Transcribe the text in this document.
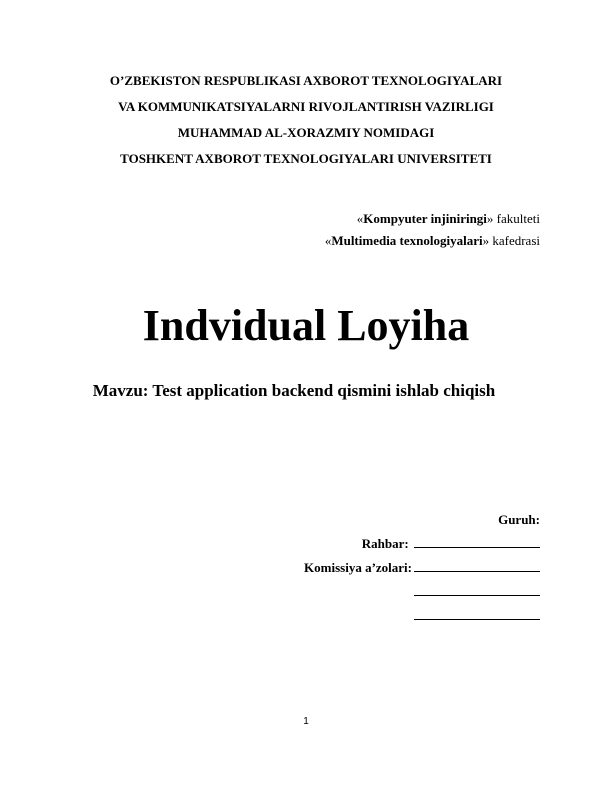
O’ZBEKISTON RESPUBLIKASI AXBOROT TEXNOLOGIYALARI
VA KOMMUNIKATSIYALARNI RIVOJLANTIRISH VAZIRLIGI
MUHAMMAD AL-XORAZMIY NOMIDAGI
TOSHKENT AXBOROT TEXNOLOGIYALARI UNIVERSITETI
«Kompyuter injiniringi» fakulteti
«Multimedia texnologiyalari» kafedrasi
Indvidual Loyiha
Mavzu: Test application backend qismini ishlab chiqish
Guruh:
Rahbar:
Komissiya a’zolari:
1
